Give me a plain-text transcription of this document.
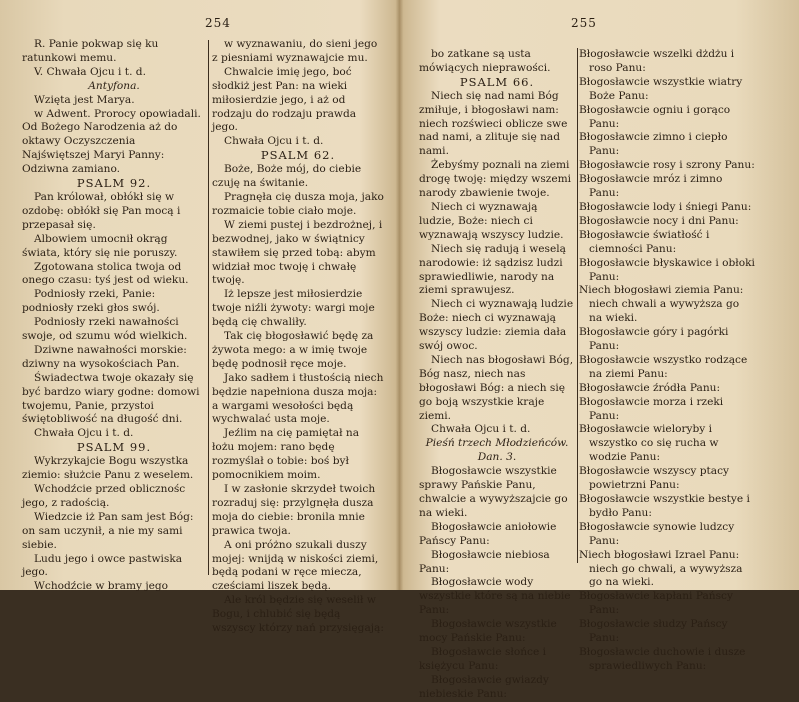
254

R. Panie pokwap się ku ratunkowi memu.

V. Chwała Ojcu i t. d.

Antyfona.

Wzięta jest Marya.

w Adwent. Prorocy opowiadali. Od Bożego Narodzenia aż do oktawy Oczyszczenia Najświętszej Maryi Panny: Odziwna zamiano.

PSALM 92.

Pan królował, obłókł się w ozdobę: obłókł się Pan mocą i przepasał się.

Albowiem umocnił okrąg świata, który się nie poruszy.

Zgotowana stolica twoja od onego czasu: tyś jest od wieku.

Podniosły rzeki, Panie: podniosły rzeki głos swój.

Podniosły rzeki nawałności swoje, od szumu wód wielkich.

Dziwne nawałności morskie: dziwny na wysokościach Pan.

Świadectwa twoje okazały się być bardzo wiary godne: domowi twojemu, Panie, przystoi świętobliwość na długość dni.

Chwała Ojcu i t. d.

PSALM 99.

Wykrzykajcie Bogu wszystka ziemio: służcie Panu z weselem.

Wchodźcie przed oblicznośc jego, z radością.

Wiedzcie iż Pan sam jest Bóg: on sam uczynił, a nie my sami siebie.

Ludu jego i owce pastwiska jego.

Wchodźcie w bramy jego

w wyznawaniu, do sieni jego z piesniami wyznawajcie mu.

Chwalcie imię jego, boć słodkiż jest Pan: na wieki miłosierdzie jego, i aż od rodzaju do rodzaju prawda jego.

Chwała Ojcu i t. d.

PSALM 62.

Boże, Boże mój, do ciebie czuję na świtanie.

Pragnęła cię dusza moja, jako rozmaicie tobie ciało moje.

W ziemi pustej i bezdrożnej, i bezwodnej, jako w świątnicy stawiłem się przed tobą: abym widział moc twoję i chwałę twoję.

Iż lepsze jest miłosierdzie twoje niźli żywoty: wargi moje będą cię chwaliły.

Tak cię błogosławić będę za żywota mego: a w imię twoje będę podnosił ręce moje.

Jako sadłem i tłustością niech będzie napełniona dusza moja: a wargami wesołości będą wychwalać usta moje.

Jeźlim na cię pamiętał na łożu mojem: rano będę rozmyślał o tobie: boś był pomocnikiem moim.

I w zasłonie skrzydeł twoich rozraduj się: przylgnęła dusza moja do ciebie: bronila mnie prawica twoja.

A oni próżno szukali duszy mojej: wnijdą w niskości ziemi, będą podani w ręce miecza, cześciami liszek będą.

Ale król będzie się weselił w Bogu, i chlubić się będą wszyscy którzy nań przysięgają:

255

bo zatkane są usta mówiących nieprawości.

PSALM 66.

Niech się nad nami Bóg zmiłuje, i błogosławi nam: niech rozświeci oblicze swe nad nami, a zlituje się nad nami.

Żebyśmy poznali na ziemi drogę twoję: między wszemi narody zbawienie twoje.

Niech ci wyznawają ludzie, Boże: niech ci wyznawają wszyscy ludzie.

Niech się radują i weselą narodowie: iż sądzisz ludzi sprawiedliwie, narody na ziemi sprawujesz.

Niech ci wyznawają ludzie Boże: niech ci wyznawają wszyscy ludzie: ziemia dała swój owoc.

Niech nas błogosławi Bóg, Bóg nasz, niech nas błogosławi Bóg: a niech się go boją wszystkie kraje ziemi.

Chwała Ojcu i t. d.

Pieśń trzech Młodzieńców. Dan. 3.

Błogosławcie wszystkie sprawy Pańskie Panu, chwalcie a wywyższajcie go na wieki.

Błogosławcie aniołowie Pańscy Panu:

Błogosławcie niebiosa Panu:

Błogosławcie wody wszystkie które są na niebie Panu:

Błogosławcie wszystkie mocy Pańskie Panu:

Błogosławcie słońce i księżycu Panu:

Błogosławcie gwiazdy niebieskie Panu:

Błogosławcie wszelki dżdżu i roso Panu:

Błogosławcie wszystkie wiatry Boże Panu:

Błogosławcie ogniu i gorąco Panu:

Błogosławcie zimno i ciepło Panu:

Błogosławcie rosy i szrony Panu:

Błogosławcie mróz i zimno Panu:

Błogosławcie lody i śniegi Panu:

Błogosławcie nocy i dni Panu:

Błogosławcie światłość i ciemności Panu:

Błogosławcie błyskawice i obłoki Panu:

Niech błogosławi ziemia Panu: niech chwali a wywyższa go na wieki.

Błogosławcie góry i pagórki Panu:

Błogosławcie wszystko rodzące na ziemi Panu:

Błogosławcie źródła Panu:

Błogosławcie morza i rzeki Panu:

Błogosławcie wieloryby i wszystko co się rucha w wodzie Panu:

Błogosławcie wszyscy ptacy powietrzni Panu:

Błogosławcie wszystkie bestye i bydło Panu:

Błogosławcie synowie ludzcy Panu:

Niech błogosławi Izrael Panu: niech go chwali, a wywyższa go na wieki.

Błogosławcie kapłani Pańscy Panu:

Błogosławcie słudzy Pańscy Panu:

Błogosławcie duchowie i dusze sprawiedliwych Panu:
